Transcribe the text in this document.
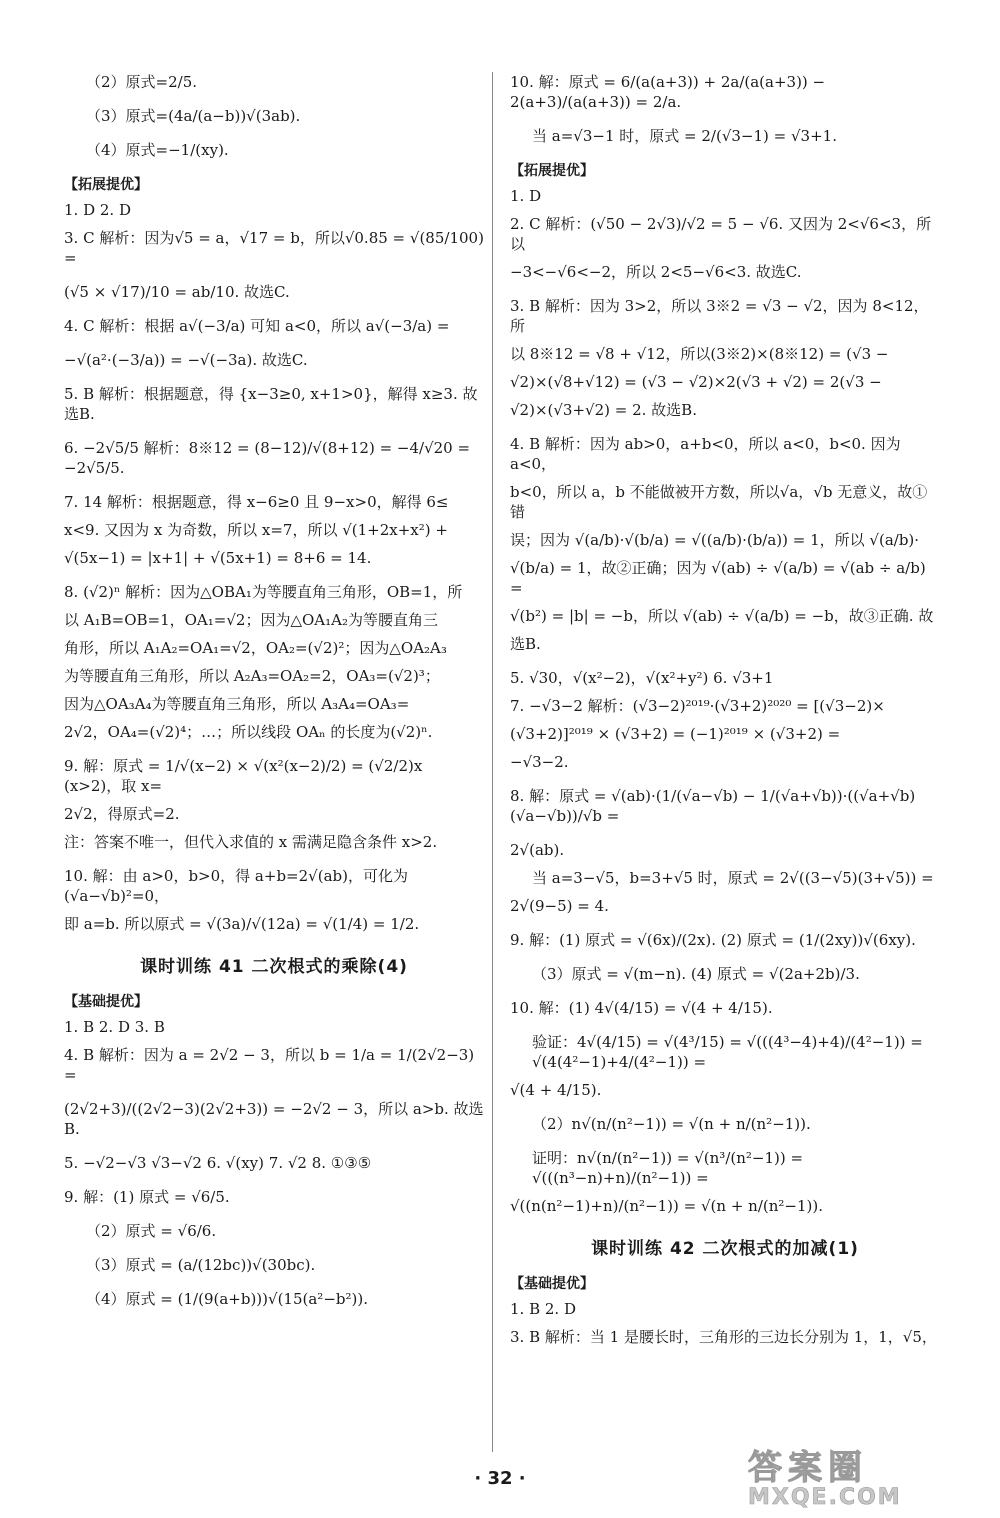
（2）原式=2/5.
（3）原式=(4a/(a−b))√(3ab).
（4）原式=−1/(xy).
【拓展提优】
1. D 2. D
3. C 解析：因为√5 = a，√17 = b，所以√0.85 = √(85/100) =
(√5 × √17)/10 = ab/10. 故选C.
4. C 解析：根据 a√(−3/a) 可知 a<0，所以 a√(−3/a) =
−√(a²·(−3/a)) = −√(−3a). 故选C.
5. B 解析：根据题意，得 {x−3≥0, x+1>0}，解得 x≥3. 故选B.
6. −2√5/5 解析：8※12 = (8−12)/√(8+12) = −4/√20 = −2√5/5.
7. 14 解析：根据题意，得 x−6≥0 且 9−x>0，解得 6≤
x<9. 又因为 x 为奇数，所以 x=7，所以 √(1+2x+x²) +
√(5x−1) = |x+1| + √(5x+1) = 8+6 = 14.
8. (√2)ⁿ 解析：因为△OBA₁为等腰直角三角形，OB=1，所
以 A₁B=OB=1，OA₁=√2；因为△OA₁A₂为等腰直角三
角形，所以 A₁A₂=OA₁=√2，OA₂=(√2)²；因为△OA₂A₃
为等腰直角三角形，所以 A₂A₃=OA₂=2，OA₃=(√2)³；
因为△OA₃A₄为等腰直角三角形，所以 A₃A₄=OA₃=
2√2，OA₄=(√2)⁴；…；所以线段 OAₙ 的长度为(√2)ⁿ.
9. 解：原式 = 1/√(x−2) × √(x²(x−2)/2) = (√2/2)x (x>2)，取 x=
2√2，得原式=2.
注：答案不唯一，但代入求值的 x 需满足隐含条件 x>2.
10. 解：由 a>0，b>0，得 a+b=2√(ab)，可化为(√a−√b)²=0，
即 a=b. 所以原式 = √(3a)/√(12a) = √(1/4) = 1/2.
课时训练 41 二次根式的乘除(4)
【基础提优】
1. B 2. D 3. B
4. B 解析：因为 a = 2√2 − 3，所以 b = 1/a = 1/(2√2−3) =
(2√2+3)/((2√2−3)(2√2+3)) = −2√2 − 3，所以 a>b. 故选B.
5. −√2−√3 √3−√2 6. √(xy) 7. √2 8. ①③⑤
9. 解：(1) 原式 = √6/5.
（2）原式 = √6/6.
（3）原式 = (a/(12bc))√(30bc).
（4）原式 = (1/(9(a+b)))√(15(a²−b²)).
10. 解：原式 = 6/(a(a+3)) + 2a/(a(a+3)) − 2(a+3)/(a(a+3)) = 2/a.
当 a=√3−1 时，原式 = 2/(√3−1) = √3+1.
【拓展提优】
1. D
2. C 解析：(√50 − 2√3)/√2 = 5 − √6. 又因为 2<√6<3，所以
−3<−√6<−2，所以 2<5−√6<3. 故选C.
3. B 解析：因为 3>2，所以 3※2 = √3 − √2，因为 8<12，所
以 8※12 = √8 + √12，所以(3※2)×(8※12) = (√3 −
√2)×(√8+√12) = (√3 − √2)×2(√3 + √2) = 2(√3 −
√2)×(√3+√2) = 2. 故选B.
4. B 解析：因为 ab>0，a+b<0，所以 a<0，b<0. 因为 a<0，
b<0，所以 a，b 不能做被开方数，所以√a，√b 无意义，故①错
误；因为 √(a/b)·√(b/a) = √((a/b)·(b/a)) = 1，所以 √(a/b)·
√(b/a) = 1，故②正确；因为 √(ab) ÷ √(a/b) = √(ab ÷ a/b) =
√(b²) = |b| = −b，所以 √(ab) ÷ √(a/b) = −b，故③正确. 故
选B.
5. √30，√(x²−2)，√(x²+y²) 6. √3+1
7. −√3−2 解析：(√3−2)²⁰¹⁹·(√3+2)²⁰²⁰ = [(√3−2)×
(√3+2)]²⁰¹⁹ × (√3+2) = (−1)²⁰¹⁹ × (√3+2) =
−√3−2.
8. 解：原式 = √(ab)·(1/(√a−√b) − 1/(√a+√b))·((√a+√b)(√a−√b))/√b =
2√(ab).
当 a=3−√5，b=3+√5 时，原式 = 2√((3−√5)(3+√5)) =
2√(9−5) = 4.
9. 解：(1) 原式 = √(6x)/(2x). (2) 原式 = (1/(2xy))√(6xy).
（3）原式 = √(m−n). (4) 原式 = √(2a+2b)/3.
10. 解：(1) 4√(4/15) = √(4 + 4/15).
验证：4√(4/15) = √(4³/15) = √(((4³−4)+4)/(4²−1)) = √(4(4²−1)+4/(4²−1)) =
√(4 + 4/15).
（2）n√(n/(n²−1)) = √(n + n/(n²−1)).
证明：n√(n/(n²−1)) = √(n³/(n²−1)) = √(((n³−n)+n)/(n²−1)) =
√((n(n²−1)+n)/(n²−1)) = √(n + n/(n²−1)).
课时训练 42 二次根式的加减(1)
【基础提优】
1. B 2. D
3. B 解析：当 1 是腰长时，三角形的三边长分别为 1，1，√5，
· 32 ·	答案圈
MXQE.COM
